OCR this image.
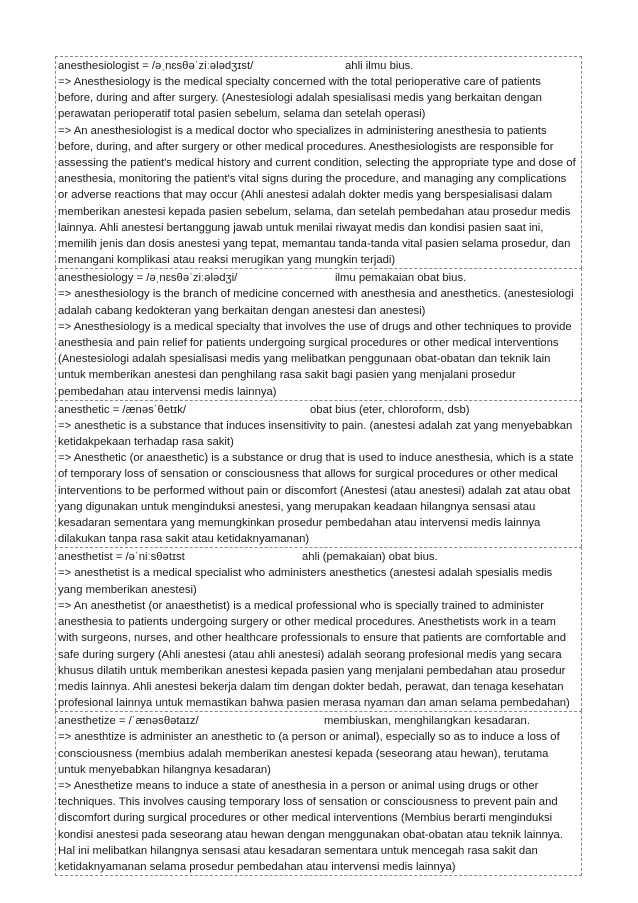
anesthesiologist = /əˌnɛsθəˈziːələdʒɪst/	ahli ilmu bius.

=> Anesthesiology is the medical specialty concerned with the total perioperative care of patients before, during and after surgery. (Anestesiologi adalah spesialisasi medis yang berkaitan dengan perawatan perioperatif total pasien sebelum, selama dan setelah operasi)

=> An anesthesiologist is a medical doctor who specializes in administering anesthesia to patients before, during, and after surgery or other medical procedures. Anesthesiologists are responsible for assessing the patient's medical history and current condition, selecting the appropriate type and dose of anesthesia, monitoring the patient's vital signs during the procedure, and managing any complications or adverse reactions that may occur (Ahli anestesi adalah dokter medis yang berspesialisasi dalam memberikan anestesi kepada pasien sebelum, selama, dan setelah pembedahan atau prosedur medis lainnya. Ahli anestesi bertanggung jawab untuk menilai riwayat medis dan kondisi pasien saat ini, memilih jenis dan dosis anestesi yang tepat, memantau tanda-tanda vital pasien selama prosedur, dan menangani komplikasi atau reaksi merugikan yang mungkin terjadi)

anesthesiology = /əˌnɛsθəˈziːələdʒi/	ilmu pemakaian obat bius.

=> anesthesiology is the branch of medicine concerned with anesthesia and anesthetics. (anestesiologi adalah cabang kedokteran yang berkaitan dengan anestesi dan anestesi)

=> Anesthesiology is a medical specialty that involves the use of drugs and other techniques to provide anesthesia and pain relief for patients undergoing surgical procedures or other medical interventions (Anestesiologi adalah spesialisasi medis yang melibatkan penggunaan obat-obatan dan teknik lain untuk memberikan anestesi dan penghilang rasa sakit bagi pasien yang menjalani prosedur pembedahan atau intervensi medis lainnya)

anesthetic = /ænəsˈθetɪk/	obat bius (eter, chloroform, dsb)

=> anesthetic is a substance that induces insensitivity to pain. (anestesi adalah zat yang menyebabkan ketidakpekaan terhadap rasa sakit)

=> Anesthetic (or anaesthetic) is a substance or drug that is used to induce anesthesia, which is a state of temporary loss of sensation or consciousness that allows for surgical procedures or other medical interventions to be performed without pain or discomfort (Anestesi (atau anestesi) adalah zat atau obat yang digunakan untuk menginduksi anestesi, yang merupakan keadaan hilangnya sensasi atau kesadaran sementara yang memungkinkan prosedur pembedahan atau intervensi medis lainnya dilakukan tanpa rasa sakit atau ketidaknyamanan)

anesthetist = /əˈniːsθətɪst	ahli (pemakaian) obat bius.

=> anesthetist is a medical specialist who administers anesthetics (anestesi adalah spesialis medis yang memberikan anestesi)

=> An anesthetist (or anaesthetist) is a medical professional who is specially trained to administer anesthesia to patients undergoing surgery or other medical procedures. Anesthetists work in a team with surgeons, nurses, and other healthcare professionals to ensure that patients are comfortable and safe during surgery (Ahli anestesi (atau ahli anestesi) adalah seorang profesional medis yang secara khusus dilatih untuk memberikan anestesi kepada pasien yang menjalani pembedahan atau prosedur medis lainnya. Ahli anestesi bekerja dalam tim dengan dokter bedah, perawat, dan tenaga kesehatan profesional lainnya untuk memastikan bahwa pasien merasa nyaman dan aman selama pembedahan)

anesthetize = /ˈænəsθətaɪz/	membiuskan, menghilangkan kesadaran.

=> anesthtize is administer an anesthetic to (a person or animal), especially so as to induce a loss of consciousness (membius adalah memberikan anestesi kepada (seseorang atau hewan), terutama untuk menyebabkan hilangnya kesadaran)

=> Anesthetize means to induce a state of anesthesia in a person or animal using drugs or other techniques. This involves causing temporary loss of sensation or consciousness to prevent pain and discomfort during surgical procedures or other medical interventions (Membius berarti menginduksi kondisi anestesi pada seseorang atau hewan dengan menggunakan obat-obatan atau teknik lainnya. Hal ini melibatkan hilangnya sensasi atau kesadaran sementara untuk mencegah rasa sakit dan ketidaknyamanan selama prosedur pembedahan atau intervensi medis lainnya)
